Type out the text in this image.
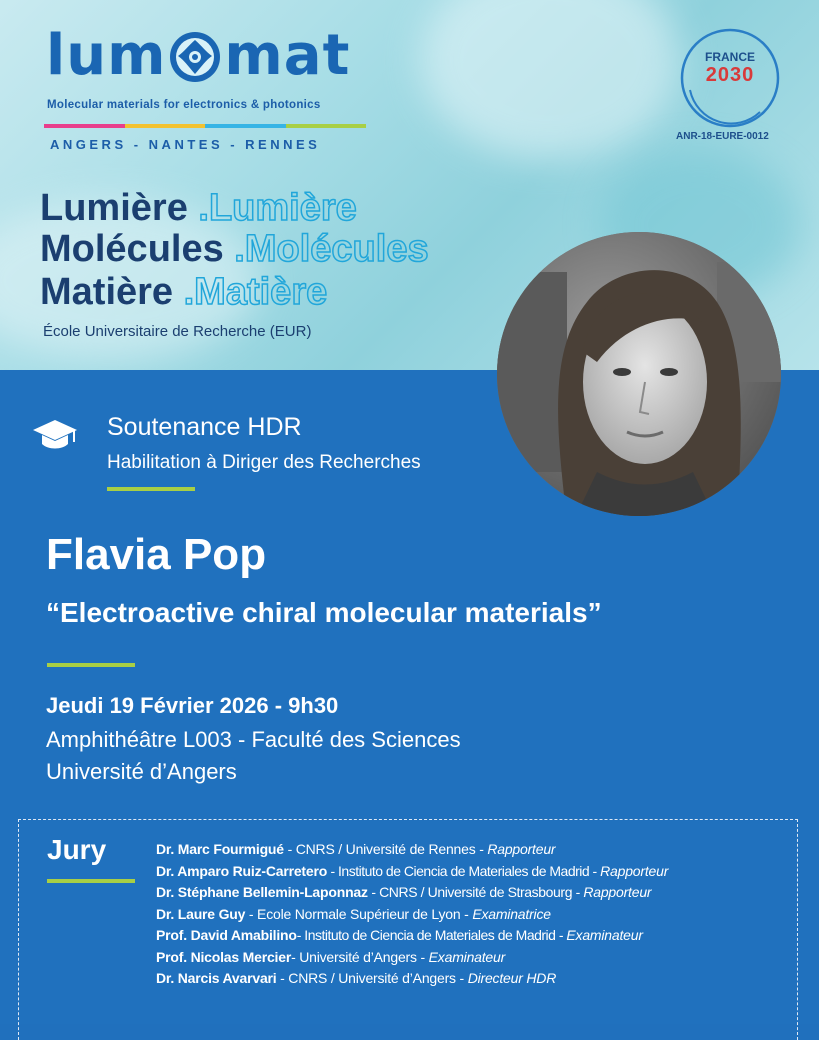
lum mat
Molecular materials for electronics & photonics
ANGERS - NANTES - RENNES
FRANCE
2030
ANR-18-EURE-0012
Lumière .Lumière
Molécules .Molécules
Matière .Matière
École Universitaire de Recherche (EUR)
Soutenance HDR
Habilitation à Diriger des Recherches
Flavia Pop
“Electroactive chiral molecular materials”
Jeudi 19 Février 2026 - 9h30
Amphithéâtre L003 - Faculté des Sciences
Université d’Angers
Jury	Dr. Marc Fourmigué - CNRS / Université de Rennes - Rapporteur
Dr. Amparo Ruiz-Carretero - Instituto de Ciencia de Materiales de Madrid - Rapporteur
Dr. Stéphane Bellemin-Laponnaz - CNRS / Université de Strasbourg - Rapporteur
Dr. Laure Guy - Ecole Normale Supérieur de Lyon - Examinatrice
Prof. David Amabilino- Instituto de Ciencia de Materiales de Madrid - Examinateur
Prof. Nicolas Mercier- Université d’Angers - Examinateur
Dr. Narcis Avarvari - CNRS / Université d’Angers - Directeur HDR
